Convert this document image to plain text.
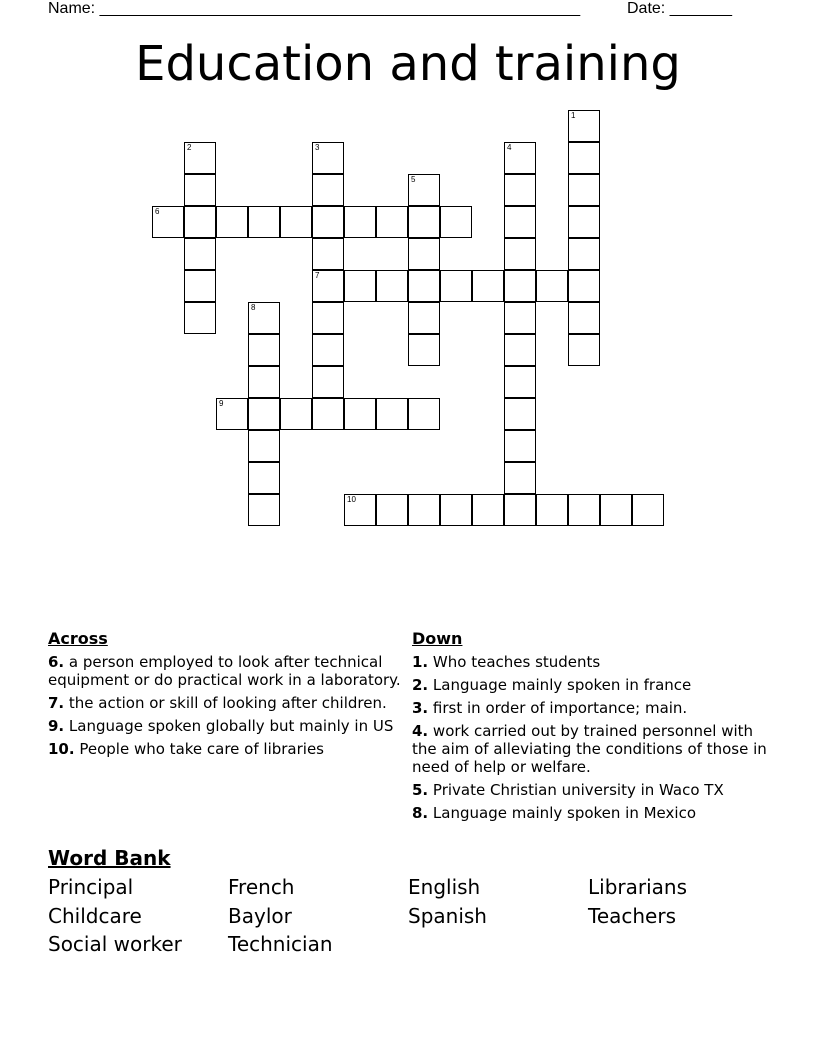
Name: ______________________________________________________	Date: _______
Education and training
1
2	3
7
4
5
6
8
9
10
Across
6. a person employed to look after technical equipment or do practical work in a laboratory.
7. the action or skill of looking after children.
9. Language spoken globally but mainly in US
10. People who take care of libraries
Down
1. Who teaches students
2. Language mainly spoken in france
3. first in order of importance; main.
4. work carried out by trained personnel with the aim of alleviating the conditions of those in need of help or welfare.
5. Private Christian university in Waco TX
8. Language mainly spoken in Mexico
Word Bank
Principal	French	English	Librarians
Childcare	Baylor	Spanish	Teachers
Social worker	Technician
